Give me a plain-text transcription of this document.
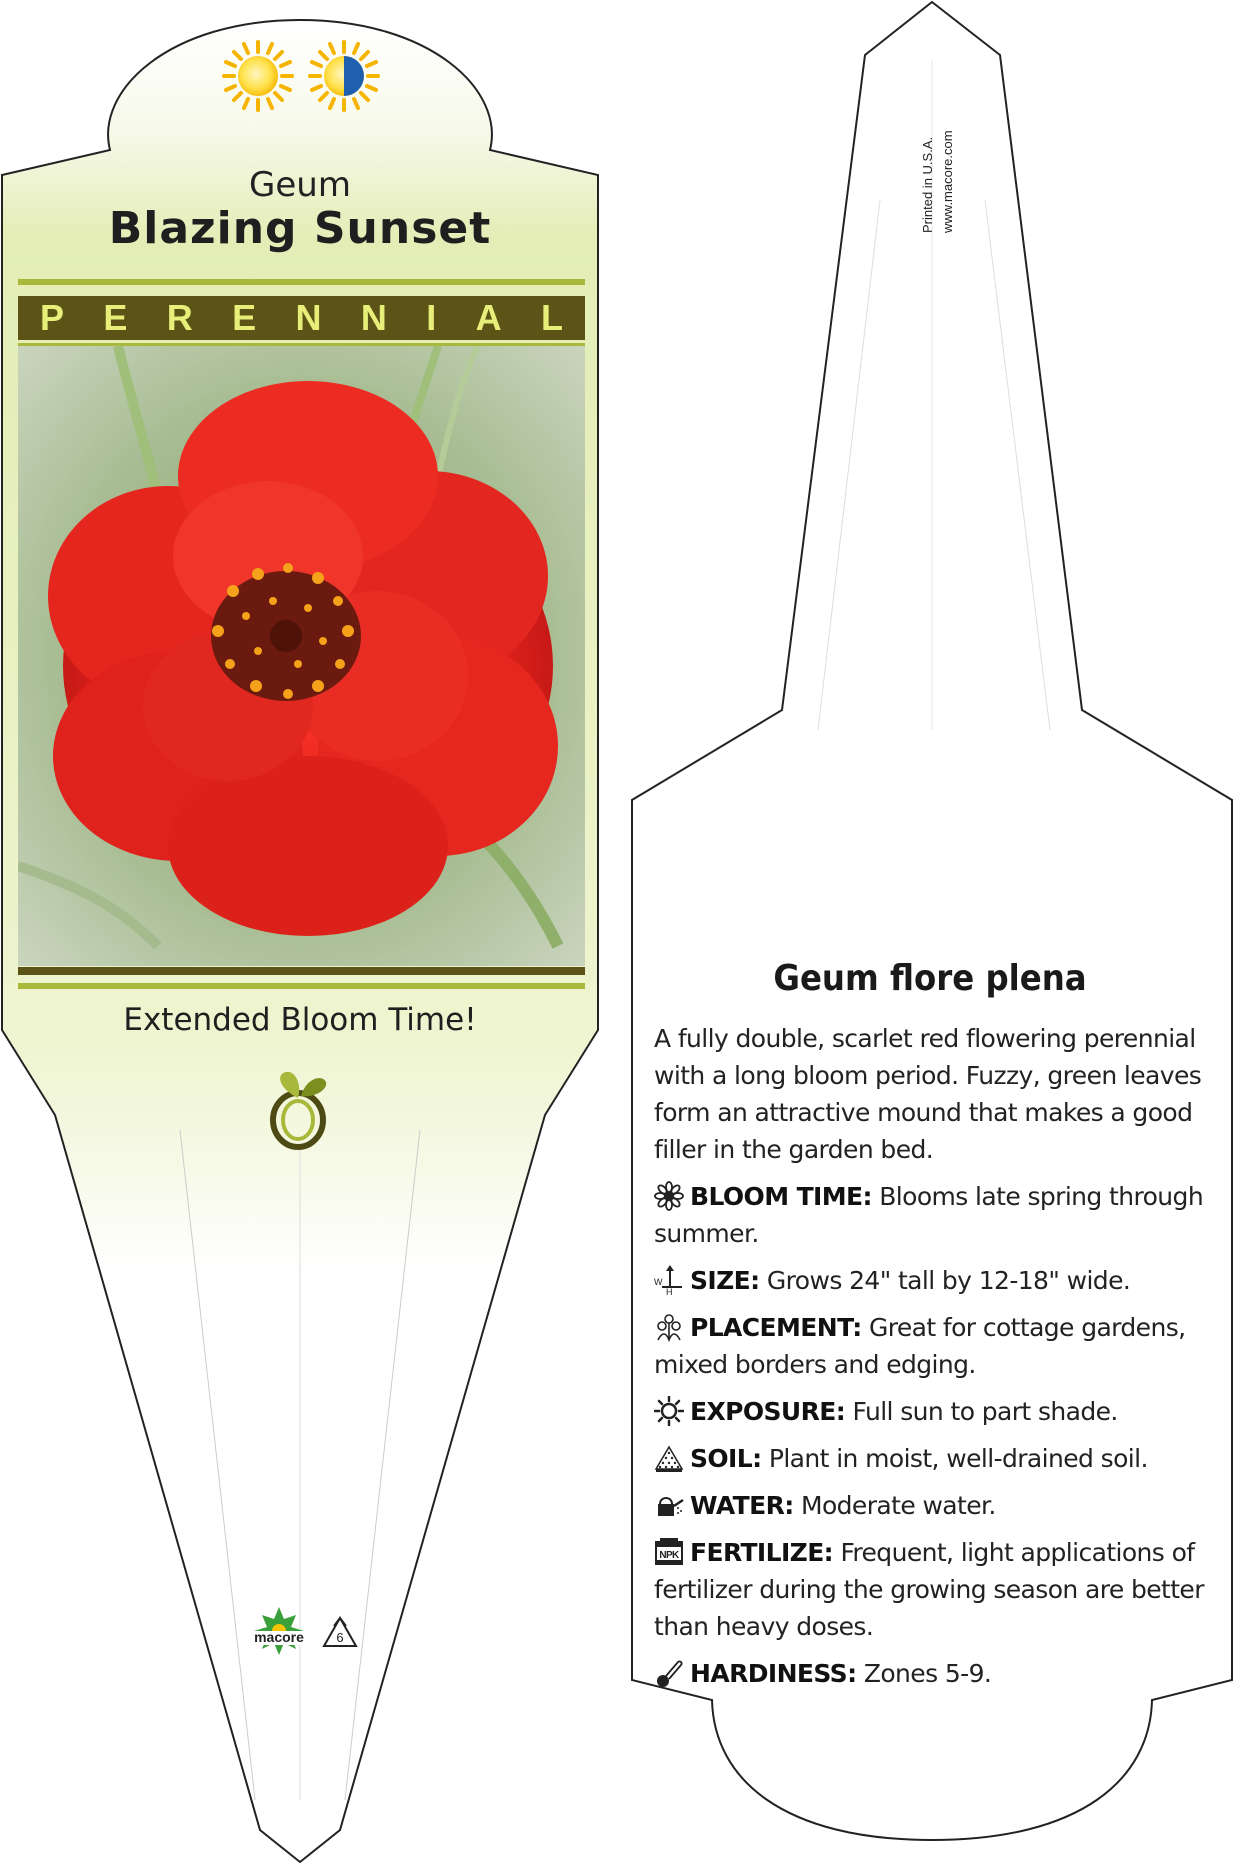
Geum
Blazing Sunset
P E R E N N I A L
Extended Bloom Time!
macore 6
Printed in U.S.A. www.macore.com
Geum flore plena

A fully double, scarlet red flowering perennial with a long bloom period. Fuzzy, green leaves form an attractive mound that makes a good filler in the garden bed.

BLOOM TIME: Blooms late spring through summer.

W
H SIZE: Grows 24" tall by 12-18" wide.

PLACEMENT: Great for cottage gardens, mixed borders and edging.

EXPOSURE: Full sun to part shade.

SOIL: Plant in moist, well-drained soil.

WATER: Moderate water.

NPK FERTILIZE: Frequent, light applications of fertilizer during the growing season are better than heavy doses.

HARDINESS: Zones 5-9.
